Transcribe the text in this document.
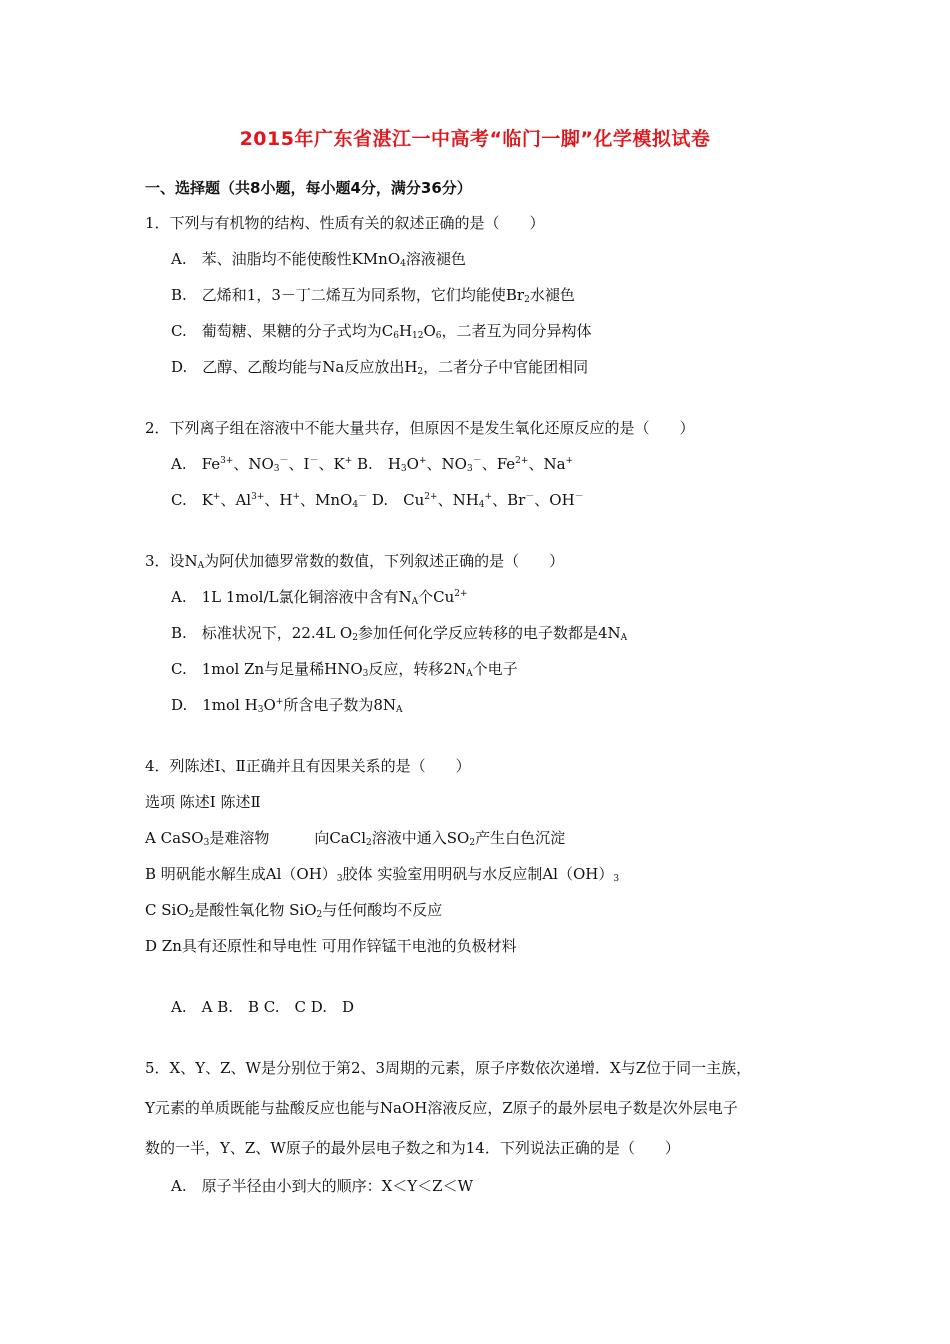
2015年广东省湛江一中高考“临门一脚”化学模拟试卷
一、选择题（共8小题，每小题4分，满分36分）
1．下列与有机物的结构、性质有关的叙述正确的是（　　）
A.　苯、油脂均不能使酸性KMnO$_4$溶液褪色
B.　乙烯和1，3－丁二烯互为同系物，它们均能使$Br_2$水褪色
C.　葡萄糖、果糖的分子式均为$C_6H_{12}O_6$，二者互为同分异构体
D.　乙醇、乙酸均能与Na反应放出$H_2$，二者分子中官能团相同
2．下列离子组在溶液中不能大量共存，但原因不是发生氧化还原反应的是（　　）
A.　$Fe^{3+}$、$NO_3^-$、I－、K+ B.　$H_3O^+$、$NO_3^-$、$Fe^{2+}$、Na+
C.　K+、$Al^{3+}$、H+、MnO$_4$－ D.　$Cu^{2+}$、$NH_4^+$、Br－、OH－
3．设$N_A$为阿伏加德罗常数的数值，下列叙述正确的是（　　）
A.　1L 1mol/L氯化铜溶液中含有$N_A$个$Cu^{2+}$
B.　标准状况下，22.4L $O_2$参加任何化学反应转移的电子数都是$4N_A$
C.　1mol Zn与足量稀$HNO_3$反应，转移$2N_A$个电子
D.　1mol $H_3O^+$所含电子数为$8N_A$
4．列陈述Ⅰ、Ⅱ正确并且有因果关系的是（　　）
选项 陈述Ⅰ 陈述Ⅱ
A CaSO$_3$是难溶物　　　向CaCl$_2$溶液中通入$SO_2$产生白色沉淀
B 明矾能水解生成$Al(OH)_3$胶体 实验室用明矾与水反应制$Al(OH)_3$
C SiO$_2$是酸性氧化物 SiO$_2$与任何酸均不反应
D Zn具有还原性和导电性 可用作锌锰干电池的负极材料
A.　A B.　B C.　C D.　D
5．X、Y、Z、W是分别位于第2、3周期的元素，原子序数依次递增．X与Z位于同一主族，
Y元素的单质既能与盐酸反应也能与NaOH溶液反应，Z原子的最外层电子数是次外层电子
数的一半，Y、Z、W原子的最外层电子数之和为14．下列说法正确的是（　　）
A.　原子半径由小到大的顺序：X＜Y＜Z＜W
